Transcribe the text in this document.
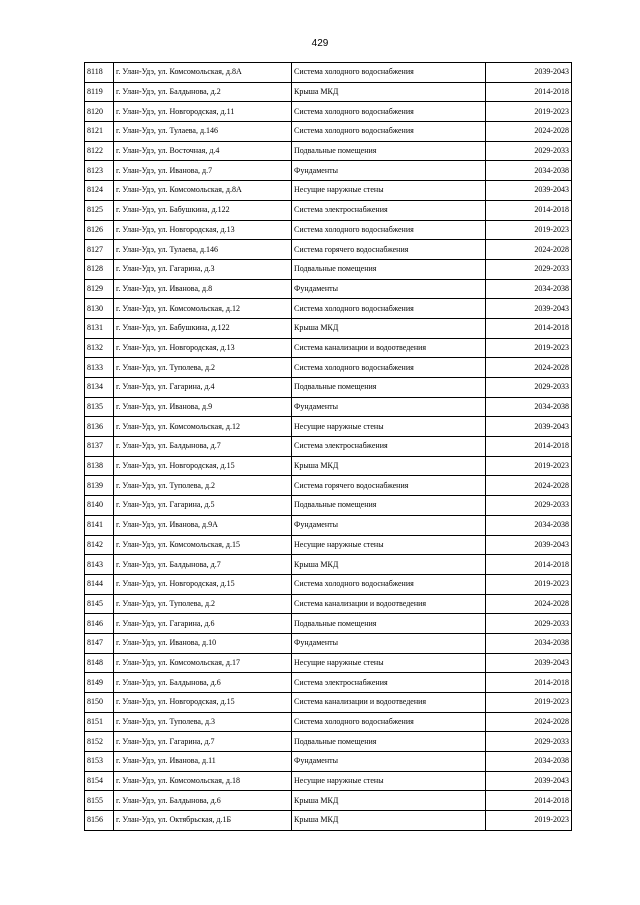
429
8118	г. Улан-Удэ, ул. Комсомольская, д.8А	Система холодного водоснабжения	2039-2043
8119	г. Улан-Удэ, ул. Балдынова, д.2	Крыша МКД	2014-2018
8120	г. Улан-Удэ, ул. Новгородская, д.11	Система холодного водоснабжения	2019-2023
8121	г. Улан-Удэ, ул. Тулаева, д.146	Система холодного водоснабжения	2024-2028
8122	г. Улан-Удэ, ул. Восточная, д.4	Подвальные помещения	2029-2033
8123	г. Улан-Удэ, ул. Иванова, д.7	Фундаменты	2034-2038
8124	г. Улан-Удэ, ул. Комсомольская, д.8А	Несущие наружные стены	2039-2043
8125	г. Улан-Удэ, ул. Бабушкина, д.122	Система электроснабжения	2014-2018
8126	г. Улан-Удэ, ул. Новгородская, д.13	Система холодного водоснабжения	2019-2023
8127	г. Улан-Удэ, ул. Тулаева, д.146	Система горячего водоснабжения	2024-2028
8128	г. Улан-Удэ, ул. Гагарина, д.3	Подвальные помещения	2029-2033
8129	г. Улан-Удэ, ул. Иванова, д.8	Фундаменты	2034-2038
8130	г. Улан-Удэ, ул. Комсомольская, д.12	Система холодного водоснабжения	2039-2043
8131	г. Улан-Удэ, ул. Бабушкина, д.122	Крыша МКД	2014-2018
8132	г. Улан-Удэ, ул. Новгородская, д.13	Система канализации и водоотведения	2019-2023
8133	г. Улан-Удэ, ул. Туполева, д.2	Система холодного водоснабжения	2024-2028
8134	г. Улан-Удэ, ул. Гагарина, д.4	Подвальные помещения	2029-2033
8135	г. Улан-Удэ, ул. Иванова, д.9	Фундаменты	2034-2038
8136	г. Улан-Удэ, ул. Комсомольская, д.12	Несущие наружные стены	2039-2043
8137	г. Улан-Удэ, ул. Балдынова, д.7	Система электроснабжения	2014-2018
8138	г. Улан-Удэ, ул. Новгородская, д.15	Крыша МКД	2019-2023
8139	г. Улан-Удэ, ул. Туполева, д.2	Система горячего водоснабжения	2024-2028
8140	г. Улан-Удэ, ул. Гагарина, д.5	Подвальные помещения	2029-2033
8141	г. Улан-Удэ, ул. Иванова, д.9А	Фундаменты	2034-2038
8142	г. Улан-Удэ, ул. Комсомольская, д.15	Несущие наружные стены	2039-2043
8143	г. Улан-Удэ, ул. Балдынова, д.7	Крыша МКД	2014-2018
8144	г. Улан-Удэ, ул. Новгородская, д.15	Система холодного водоснабжения	2019-2023
8145	г. Улан-Удэ, ул. Туполева, д.2	Система канализации и водоотведения	2024-2028
8146	г. Улан-Удэ, ул. Гагарина, д.6	Подвальные помещения	2029-2033
8147	г. Улан-Удэ, ул. Иванова, д.10	Фундаменты	2034-2038
8148	г. Улан-Удэ, ул. Комсомольская, д.17	Несущие наружные стены	2039-2043
8149	г. Улан-Удэ, ул. Балдынова, д.6	Система электроснабжения	2014-2018
8150	г. Улан-Удэ, ул. Новгородская, д.15	Система канализации и водоотведения	2019-2023
8151	г. Улан-Удэ, ул. Туполева, д.3	Система холодного водоснабжения	2024-2028
8152	г. Улан-Удэ, ул. Гагарина, д.7	Подвальные помещения	2029-2033
8153	г. Улан-Удэ, ул. Иванова, д.11	Фундаменты	2034-2038
8154	г. Улан-Удэ, ул. Комсомольская, д.18	Несущие наружные стены	2039-2043
8155	г. Улан-Удэ, ул. Балдынова, д.6	Крыша МКД	2014-2018
8156	г. Улан-Удэ, ул. Октябрьская, д.1Б	Крыша МКД	2019-2023
